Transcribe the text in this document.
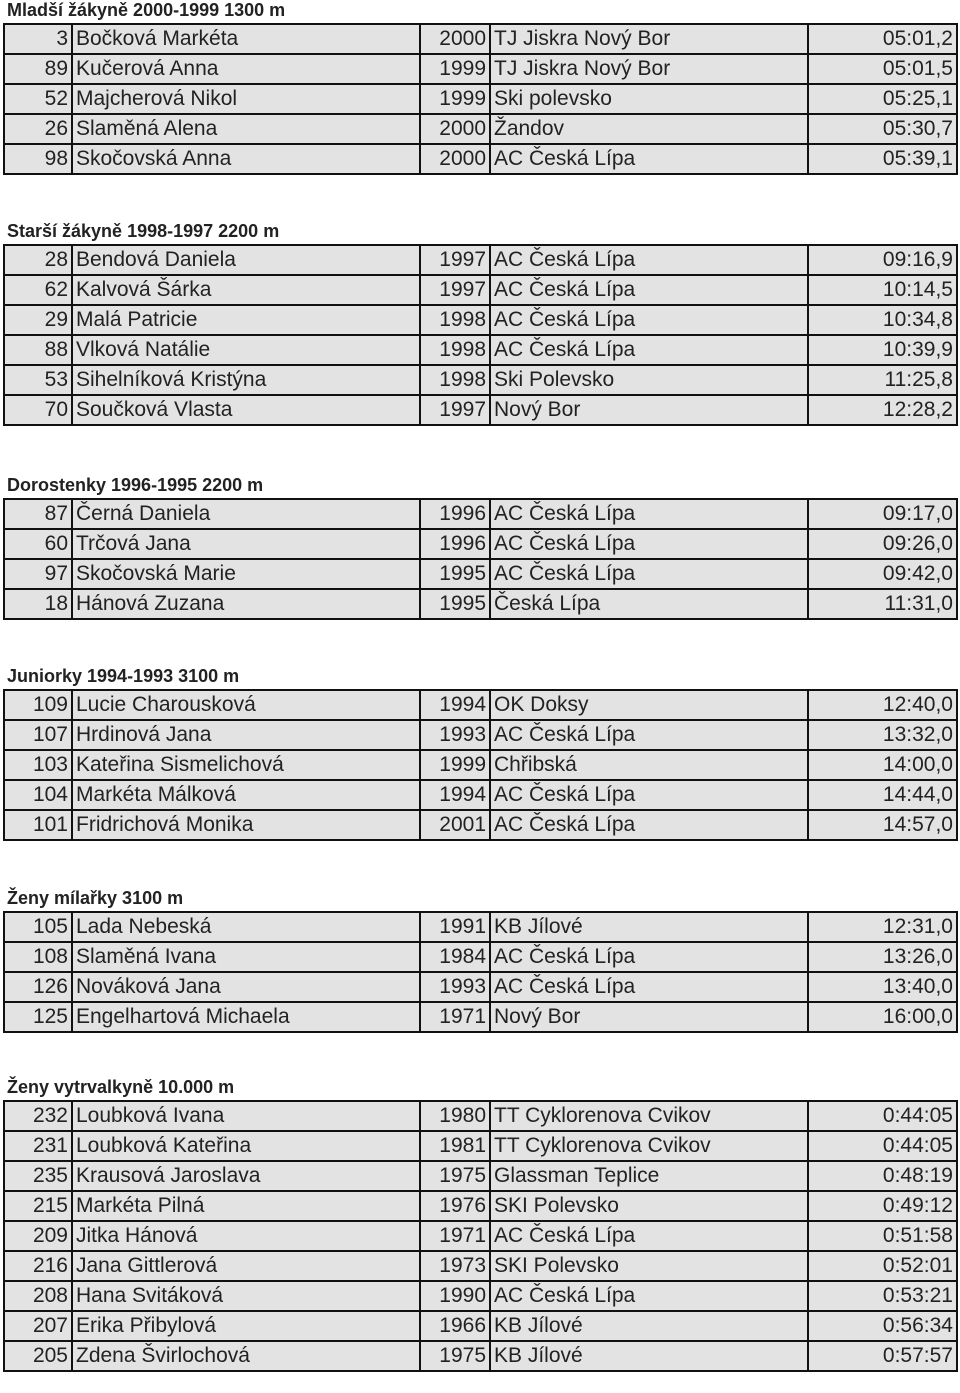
Mladší žákyně 2000-1999 1300 m
3	Bočková Markéta	2000	TJ Jiskra Nový Bor	05:01,2
89	Kučerová Anna	1999	TJ Jiskra Nový Bor	05:01,5
52	Majcherová Nikol	1999	Ski polevsko	05:25,1
26	Slaměná Alena	2000	Žandov	05:30,7
98	Skočovská Anna	2000	AC Česká Lípa	05:39,1
Starší žákyně 1998-1997 2200 m
28	Bendová Daniela	1997	AC Česká Lípa	09:16,9
62	Kalvová Šárka	1997	AC Česká Lípa	10:14,5
29	Malá Patricie	1998	AC Česká Lípa	10:34,8
88	Vlková Natálie	1998	AC Česká Lípa	10:39,9
53	Sihelníková Kristýna	1998	Ski Polevsko	11:25,8
70	Součková Vlasta	1997	Nový Bor	12:28,2
Dorostenky 1996-1995 2200 m
87	Černá Daniela	1996	AC Česká Lípa	09:17,0
60	Trčová Jana	1996	AC Česká Lípa	09:26,0
97	Skočovská Marie	1995	AC Česká Lípa	09:42,0
18	Hánová Zuzana	1995	Česká Lípa	11:31,0
Juniorky 1994-1993 3100 m
109	Lucie Charousková	1994	OK Doksy	12:40,0
107	Hrdinová Jana	1993	AC Česká Lípa	13:32,0
103	Kateřina Sismelichová	1999	Chřibská	14:00,0
104	Markéta Málková	1994	AC Česká Lípa	14:44,0
101	Fridrichová Monika	2001	AC Česká Lípa	14:57,0
Ženy mílařky 3100 m
105	Lada Nebeská	1991	KB Jílové	12:31,0
108	Slaměná Ivana	1984	AC Česká Lípa	13:26,0
126	Nováková Jana	1993	AC Česká Lípa	13:40,0
125	Engelhartová Michaela	1971	Nový Bor	16:00,0
Ženy vytrvalkyně 10.000 m
232	Loubková Ivana	1980	TT Cyklorenova Cvikov	0:44:05
231	Loubková Kateřina	1981	TT Cyklorenova Cvikov	0:44:05
235	Krausová Jaroslava	1975	Glassman Teplice	0:48:19
215	Markéta Pilná	1976	SKI Polevsko	0:49:12
209	Jitka Hánová	1971	AC Česká Lípa	0:51:58
216	Jana Gittlerová	1973	SKI Polevsko	0:52:01
208	Hana Svitáková	1990	AC Česká Lípa	0:53:21
207	Erika Přibylová	1966	KB Jílové	0:56:34
205	Zdena Švirlochová	1975	KB Jílové	0:57:57
